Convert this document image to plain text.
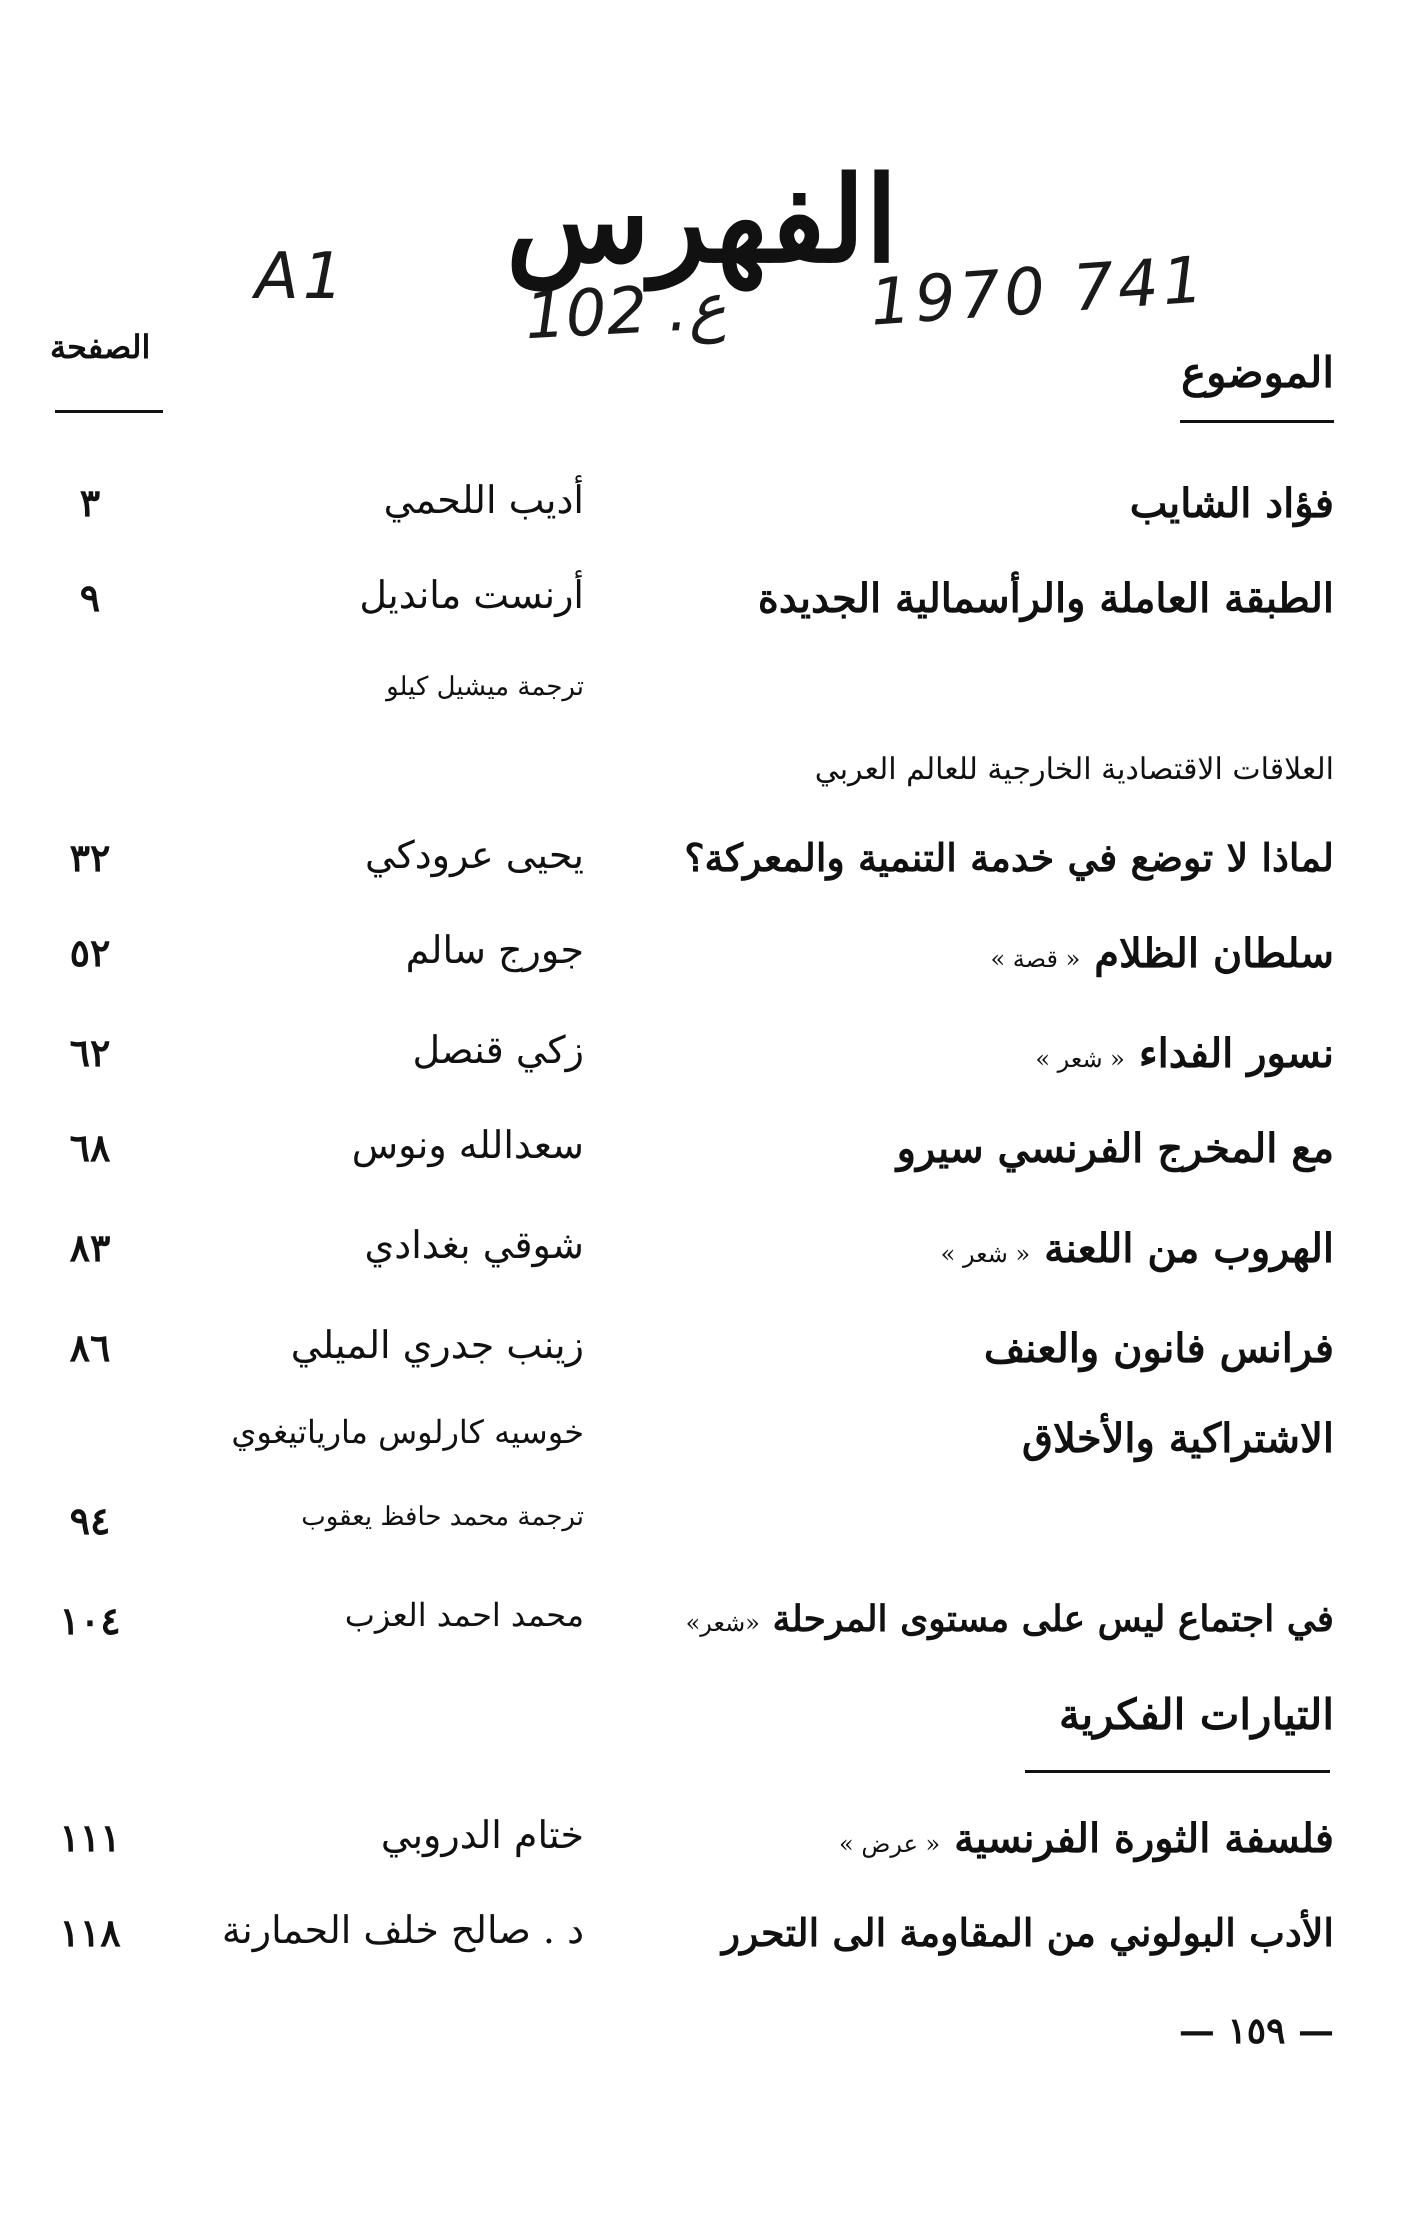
الفهرس
A1	102 .ع 1970 741
الصفحة
الموضوع
فؤاد الشايب
أديب اللحمي
٣
الطبقة العاملة والرأسمالية الجديدة
أرنست مانديل
٩
ترجمة ميشيل كيلو
العلاقات الاقتصادية الخارجية للعالم العربي
لماذا لا توضع في خدمة التنمية والمعركة؟
يحيى عرودكي
٣٢
سلطان الظلام « قصة »
جورج سالم
٥٢
نسور الفداء « شعر »
زكي قنصل
٦٢
مع المخرج الفرنسي سيرو
سعدالله ونوس
٦٨
الهروب من اللعنة « شعر »
شوقي بغدادي
٨٣
فرانس فانون والعنف
زينب جدري الميلي
٨٦
الاشتراكية والأخلاق
خوسيه كارلوس مارياتيغوي
ترجمة محمد حافظ يعقوب
٩٤
في اجتماع ليس على مستوى المرحلة «شعر»
محمد احمد العزب
١٠٤
التيارات الفكرية
فلسفة الثورة الفرنسية « عرض »
ختام الدروبي
١١١
الأدب البولوني من المقاومة الى التحرر
د . صالح خلف الحمارنة
١١٨
— ١٥٩ —
